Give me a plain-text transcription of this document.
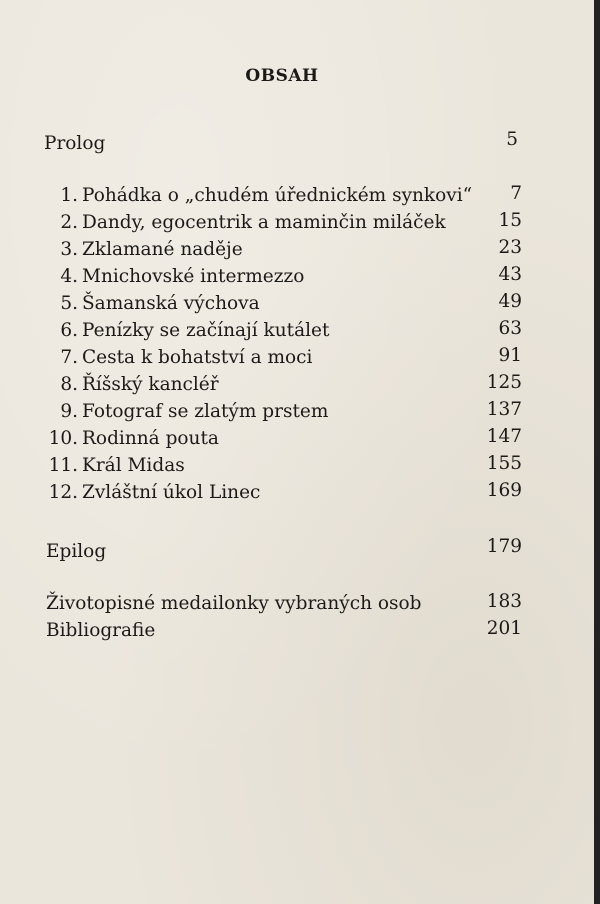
OBSAH
Prolog	5
1. Pohádka o „chudém úřednickém synkovi“	7
2. Dandy, egocentrik a maminčin miláček	15
3. Zklamané naděje	23
4. Mnichovské intermezzo	43
5. Šamanská výchova	49
6. Penízky se začínají kutálet	63
7. Cesta k bohatství a moci	91
8. Říšský kancléř	125
9. Fotograf se zlatým prstem	137
10. Rodinná pouta	147
11. Král Midas	155
12. Zvláštní úkol Linec	169
Epilog	179
Životopisné medailonky vybraných osob	183
Bibliografie	201
